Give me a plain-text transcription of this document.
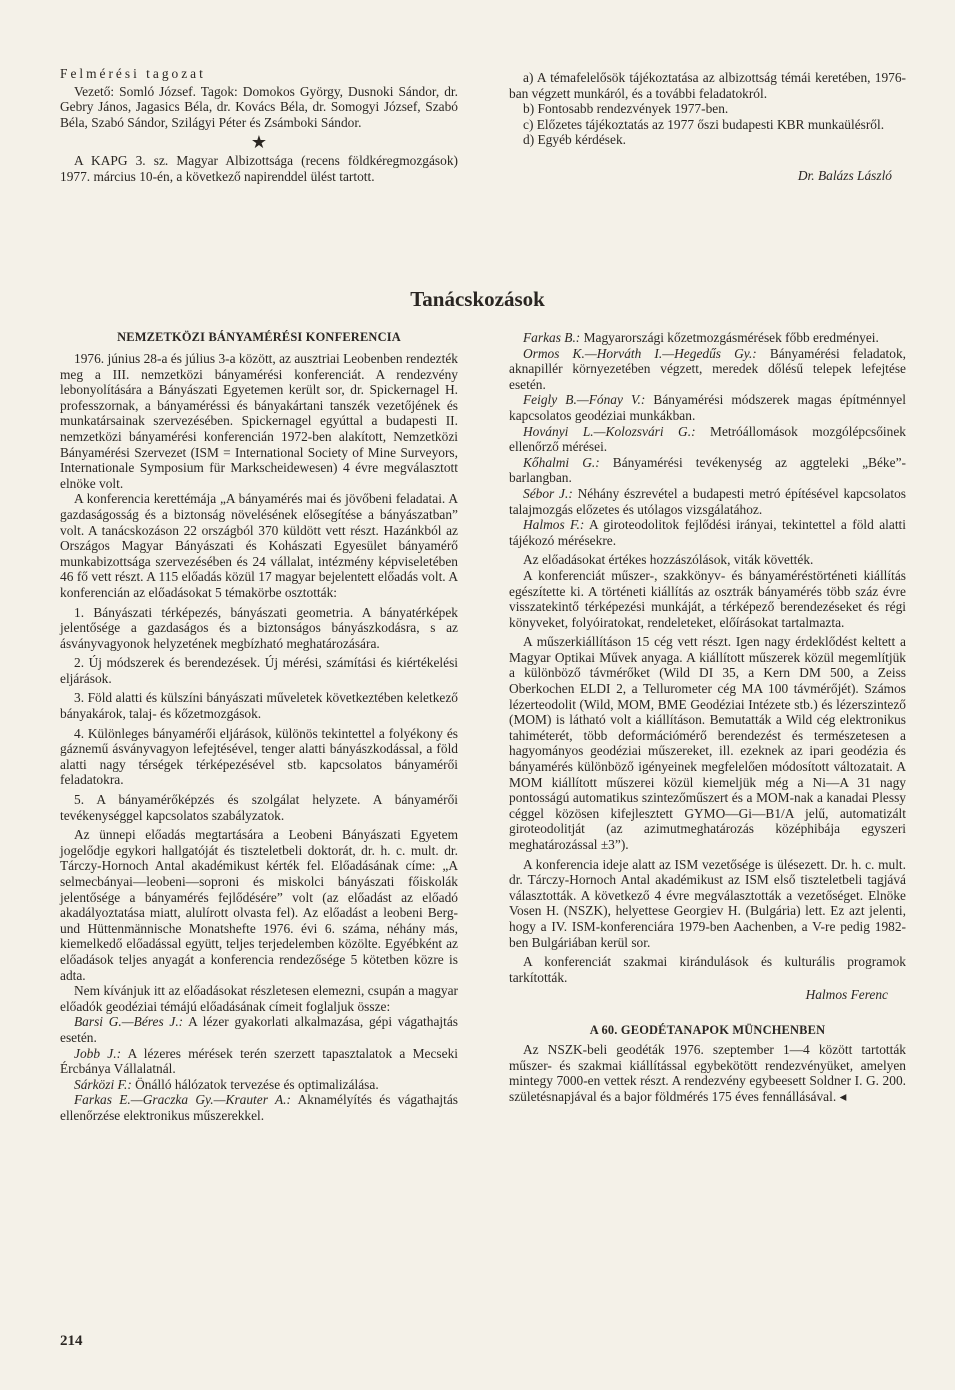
Felmérési tagozat

Vezető: Somló József. Tagok: Domokos György, Dusnoki Sándor, dr. Gebry János, Jagasics Béla, dr. Kovács Béla, dr. Somogyi József, Szabó Béla, Szabó Sándor, Szilágyi Péter és Zsámboki Sándor.

★

A KAPG 3. sz. Magyar Albizottsága (recens földkéregmozgások) 1977. március 10-én, a következő napirenddel ülést tartott.

a) A témafelelősök tájékoztatása az albizottság témái keretében, 1976-ban végzett munkáról, és a további feladatokról.

b) Fontosabb rendezvények 1977-ben.

c) Előzetes tájékoztatás az 1977 őszi budapesti KBR munkaülésről.

d) Egyéb kérdések.

Dr. Balázs László

Tanácskozások
NEMZETKÖZI BÁNYAMÉRÉSI KONFERENCIA

1976. június 28-a és július 3-a között, az ausztriai Leobenben rendezték meg a III. nemzetközi bányamérési konferenciát. A rendezvény lebonyolítására a Bányászati Egyetemen került sor, dr. Spickernagel H. professzornak, a bányaméréssi és bányakártani tanszék vezetőjének és munkatársainak szervezésében. Spickernagel egyúttal a budapesti II. nemzetközi bányamérési konferencián 1972-ben alakított, Nemzetközi Bányamérési Szervezet (ISM = International Society of Mine Surveyors, Internationale Symposium für Markscheidewesen) 4 évre megválasztott elnöke volt.

A konferencia kerettémája „A bányamérés mai és jövőbeni feladatai. A gazdaságosság és a biztonság növelésének elősegítése a bányászatban” volt. A tanácskozáson 22 országból 370 küldött vett részt. Hazánkból az Országos Magyar Bányászati és Kohászati Egyesület bányamérő munkabizottsága szervezésében és 24 vállalat, intézmény képviseletében 46 fő vett részt. A 115 előadás közül 17 magyar bejelentett előadás volt. A konferencián az előadásokat 5 témakörbe osztották:

1. Bányászati térképezés, bányászati geometria. A bányatérképek jelentősége a gazdaságos és a biztonságos bányászkodásra, s az ásványvagyonok helyzetének megbízható meghatározására.

2. Új módszerek és berendezések. Új mérési, számítási és kiértékelési eljárások.

3. Föld alatti és külszíni bányászati műveletek következtében keletkező bányakárok, talaj- és kőzetmozgások.

4. Különleges bányamérői eljárások, különös tekintettel a folyékony és gáznemű ásványvagyon lefejtésével, tenger alatti bányászkodással, a föld alatti nagy térségek térképezésével stb. kapcsolatos bányamérői feladatokra.

5. A bányamérőképzés és szolgálat helyzete. A bányamérői tevékenységgel kapcsolatos szabályzatok.

Az ünnepi előadás megtartására a Leobeni Bányászati Egyetem jogelődje egykori hallgatóját és tiszteletbeli doktorát, dr. h. c. mult. dr. Tárczy-Hornoch Antal akadémikust kérték fel. Előadásának címe: „A selmecbányai—leobeni—soproni és miskolci bányászati főiskolák jelentősége a bányamérés fejlődésére” volt (az előadást az előadó akadályoztatása miatt, alulírott olvasta fel). Az előadást a leobeni Berg- und Hüttenmännische Monatshefte 1976. évi 6. száma, néhány más, kiemelkedő előadással együtt, teljes terjedelemben közölte. Egyébként az előadások teljes anyagát a konferencia rendezősége 5 kötetben közre is adta.

Nem kívánjuk itt az előadásokat részletesen elemezni, csupán a magyar előadók geodéziai témájú előadásának címeit foglaljuk össze:

Barsi G.—Béres J.: A lézer gyakorlati alkalmazása, gépi vágathajtás esetén.

Jobb J.: A lézeres mérések terén szerzett tapasztalatok a Mecseki Ércbánya Vállalatnál.

Sárközi F.: Önálló hálózatok tervezése és optimalizálása.

Farkas E.—Graczka Gy.—Krauter A.: Aknamélyítés és vágathajtás ellenőrzése elektronikus műszerekkel.

Farkas B.: Magyarországi kőzetmozgásmérések főbb eredményei.

Ormos K.—Horváth I.—Hegedűs Gy.: Bányamérési feladatok, aknapillér környezetében végzett, meredek dőlésű telepek lefejtése esetén.

Feigly B.—Fónay V.: Bányamérési módszerek magas építménnyel kapcsolatos geodéziai munkákban.

Hoványi L.—Kolozsvári G.: Metróállomások mozgólépcsőinek ellenőrző mérései.

Kőhalmi G.: Bányamérési tevékenység az aggteleki „Béke”-barlangban.

Sébor J.: Néhány észrevétel a budapesti metró építésével kapcsolatos talajmozgás előzetes és utólagos vizsgálatához.

Halmos F.: A giroteodolitok fejlődési irányai, tekintettel a föld alatti tájékozó mérésekre.

Az előadásokat értékes hozzászólások, viták követték.

A konferenciát műszer-, szakkönyv- és bányaméréstörténeti kiállítás egészítette ki. A történeti kiállítás az osztrák bányamérés több száz évre visszatekintő térképezési munkáját, a térképező berendezéseket és régi könyveket, folyóiratokat, rendeleteket, előírásokat tartalmazta.

A műszerkiállításon 15 cég vett részt. Igen nagy érdeklődést keltett a Magyar Optikai Művek anyaga. A kiállított műszerek közül megemlítjük a különböző távmérőket (Wild DI 35, a Kern DM 500, a Zeiss Oberkochen ELDI 2, a Tellurometer cég MA 100 távmérőjét). Számos lézerteodolit (Wild, MOM, BME Geodéziai Intézete stb.) és lézerszintező (MOM) is látható volt a kiállításon. Bemutatták a Wild cég elektronikus tahiméterét, több deformációmérő berendezést és természetesen a hagyományos geodéziai műszereket, ill. ezeknek az ipari geodézia és bányamérés különböző igényeinek megfelelően módosított változatait. A MOM kiállított műszerei közül kiemeljük még a Ni—A 31 nagy pontosságú automatikus szintezőműszert és a MOM-nak a kanadai Plessy céggel közösen kifejlesztett GYMO—Gi—B1/A jelű, automatizált giroteodolitját (az azimutmeghatározás középhibája egyszeri meghatározással ±3”).

A konferencia ideje alatt az ISM vezetősége is ülésezett. Dr. h. c. mult. dr. Tárczy-Hornoch Antal akadémikust az ISM első tiszteletbeli tagjává választották. A következő 4 évre megválasztották a vezetőséget. Elnöke Vosen H. (NSZK), helyettese Georgiev H. (Bulgária) lett. Ez azt jelenti, hogy a IV. ISM-konferenciára 1979-ben Aachenben, a V-re pedig 1982-ben Bulgáriában kerül sor.

A konferenciát szakmai kirándulások és kulturális programok tarkították.

Halmos Ferenc

A 60. GEODÉTANAPOK MÜNCHENBEN

Az NSZK-beli geodéták 1976. szeptember 1—4 között tartották műszer- és szakmai kiállítással egybekötött rendezvényüket, amelyen mintegy 7000-en vettek részt. A rendezvény egybeesett Soldner I. G. 200. születésnapjával és a bajor földmérés 175 éves fennállásával. ◂

214
